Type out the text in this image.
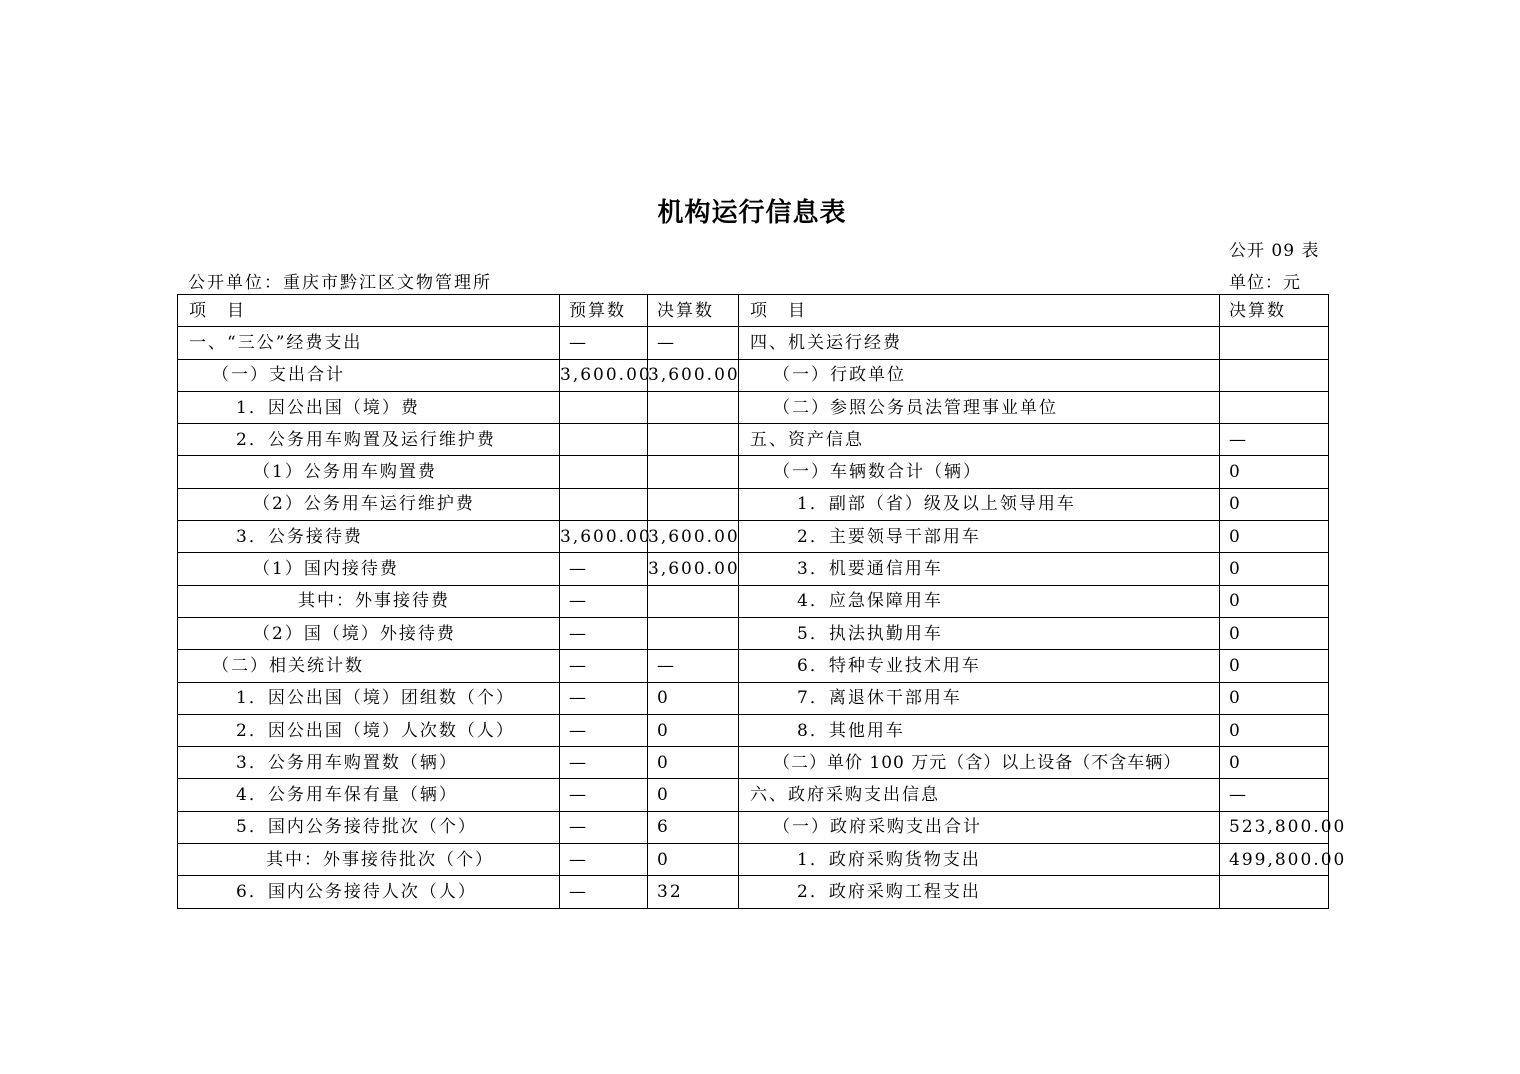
机构运行信息表
公开 09 表
公开单位：重庆市黔江区文物管理所	单位：元
项　目	预算数	决算数	项　目	决算数
一、“三公”经费支出	—	—	四、机关运行经费	
（一）支出合计	3,600.00	3,600.00	（一）行政单位	
1．因公出国（境）费			（二）参照公务员法管理事业单位	
2．公务用车购置及运行维护费			五、资产信息	—
（1）公务用车购置费			（一）车辆数合计（辆）	0
（2）公务用车运行维护费			1．副部（省）级及以上领导用车	0
3．公务接待费	3,600.00	3,600.00	2．主要领导干部用车	0
（1）国内接待费	—	3,600.00	3．机要通信用车	0
其中：外事接待费	—		4．应急保障用车	0
（2）国（境）外接待费	—		5．执法执勤用车	0
（二）相关统计数	—	—	6．特种专业技术用车	0
1．因公出国（境）团组数（个）	—	0	7．离退休干部用车	0
2．因公出国（境）人次数（人）	—	0	8．其他用车	0
3．公务用车购置数（辆）	—	0	（二）单价 100 万元（含）以上设备（不含车辆）	0
4．公务用车保有量（辆）	—	0	六、政府采购支出信息	—
5．国内公务接待批次（个）	—	6	（一）政府采购支出合计	523,800.00
其中：外事接待批次（个）	—	0	1．政府采购货物支出	499,800.00
6．国内公务接待人次（人）	—	32	2．政府采购工程支出	
